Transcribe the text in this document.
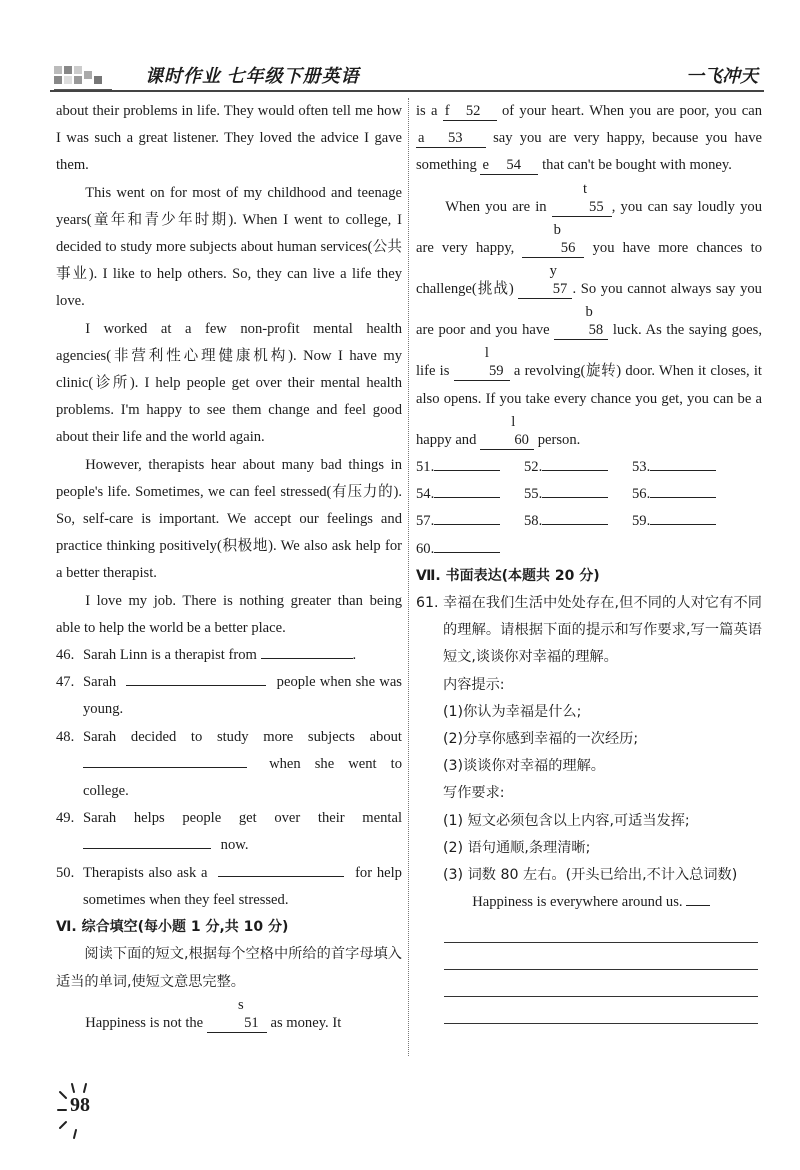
课时作业 七年级下册英语	一飞冲天

about their problems in life. They would often tell me how I was such a great listener. They loved the advice I gave them.

This went on for most of my childhood and teenage years(童年和青少年时期). When I went to college, I decided to study more subjects about human services(公共事业). I like to help others. So, they can live a life they love.

I worked at a few non-profit mental health agencies(非营利性心理健康机构). Now I have my clinic(诊所). I help people get over their mental health problems. I'm happy to see them change and feel good about their life and the world again.

However, therapists hear about many bad things in people's life. Sometimes, we can feel stressed(有压力的). So, self-care is important. We accept our feelings and practice thinking positively(积极地). We also ask help for a better therapist.

I love my job. There is nothing greater than being able to help the world be a better place.

46. Sarah Linn is a therapist from	.
47. Sarah	people when she was young.
48. Sarah decided to study more subjects about  when she went to college.
49. Sarah helps people get over their mental  now.
50. Therapists also ask a	for help sometimes when they feel stressed.
Ⅵ. 综合填空(每小题 1 分,共 10 分)

阅读下面的短文,根据每个空格中所给的首字母填入适当的单词,使短文意思完整。

Happiness is not the
s
51 as money. It

is a f 52 of your heart. When you are poor, you can
a 53 say you are very happy, because you have something e 54 that can't be bought with money.

When you are in
t
55 , you can say loudly you are very happy,
b
56 you have more chances to challenge(挑战)
y
57 . So you cannot always say you are poor and you have
b
58 luck. As the saying goes, life is
l
59 a revolving(旋转) door. When it closes, it also opens. If you take every chance you get, you can be a happy and
l
60 person.

51.	52.	53.
54.	55.	56.
57.	58.	59.
60.
Ⅶ. 书面表达(本题共 20 分)
61. 幸福在我们生活中处处存在,但不同的人对它有不同的理解。请根据下面的提示和写作要求,写一篇英语短文,谈谈你对幸福的理解。
内容提示:
(1)你认为幸福是什么;
(2)分享你感到幸福的一次经历;
(3)谈谈你对幸福的理解。
写作要求:
(1) 短文必须包含以上内容,可适当发挥;
(2) 语句通顺,条理清晰;
(3) 词数 80 左右。(开头已给出,不计入总词数)

Happiness is everywhere around us.

98
